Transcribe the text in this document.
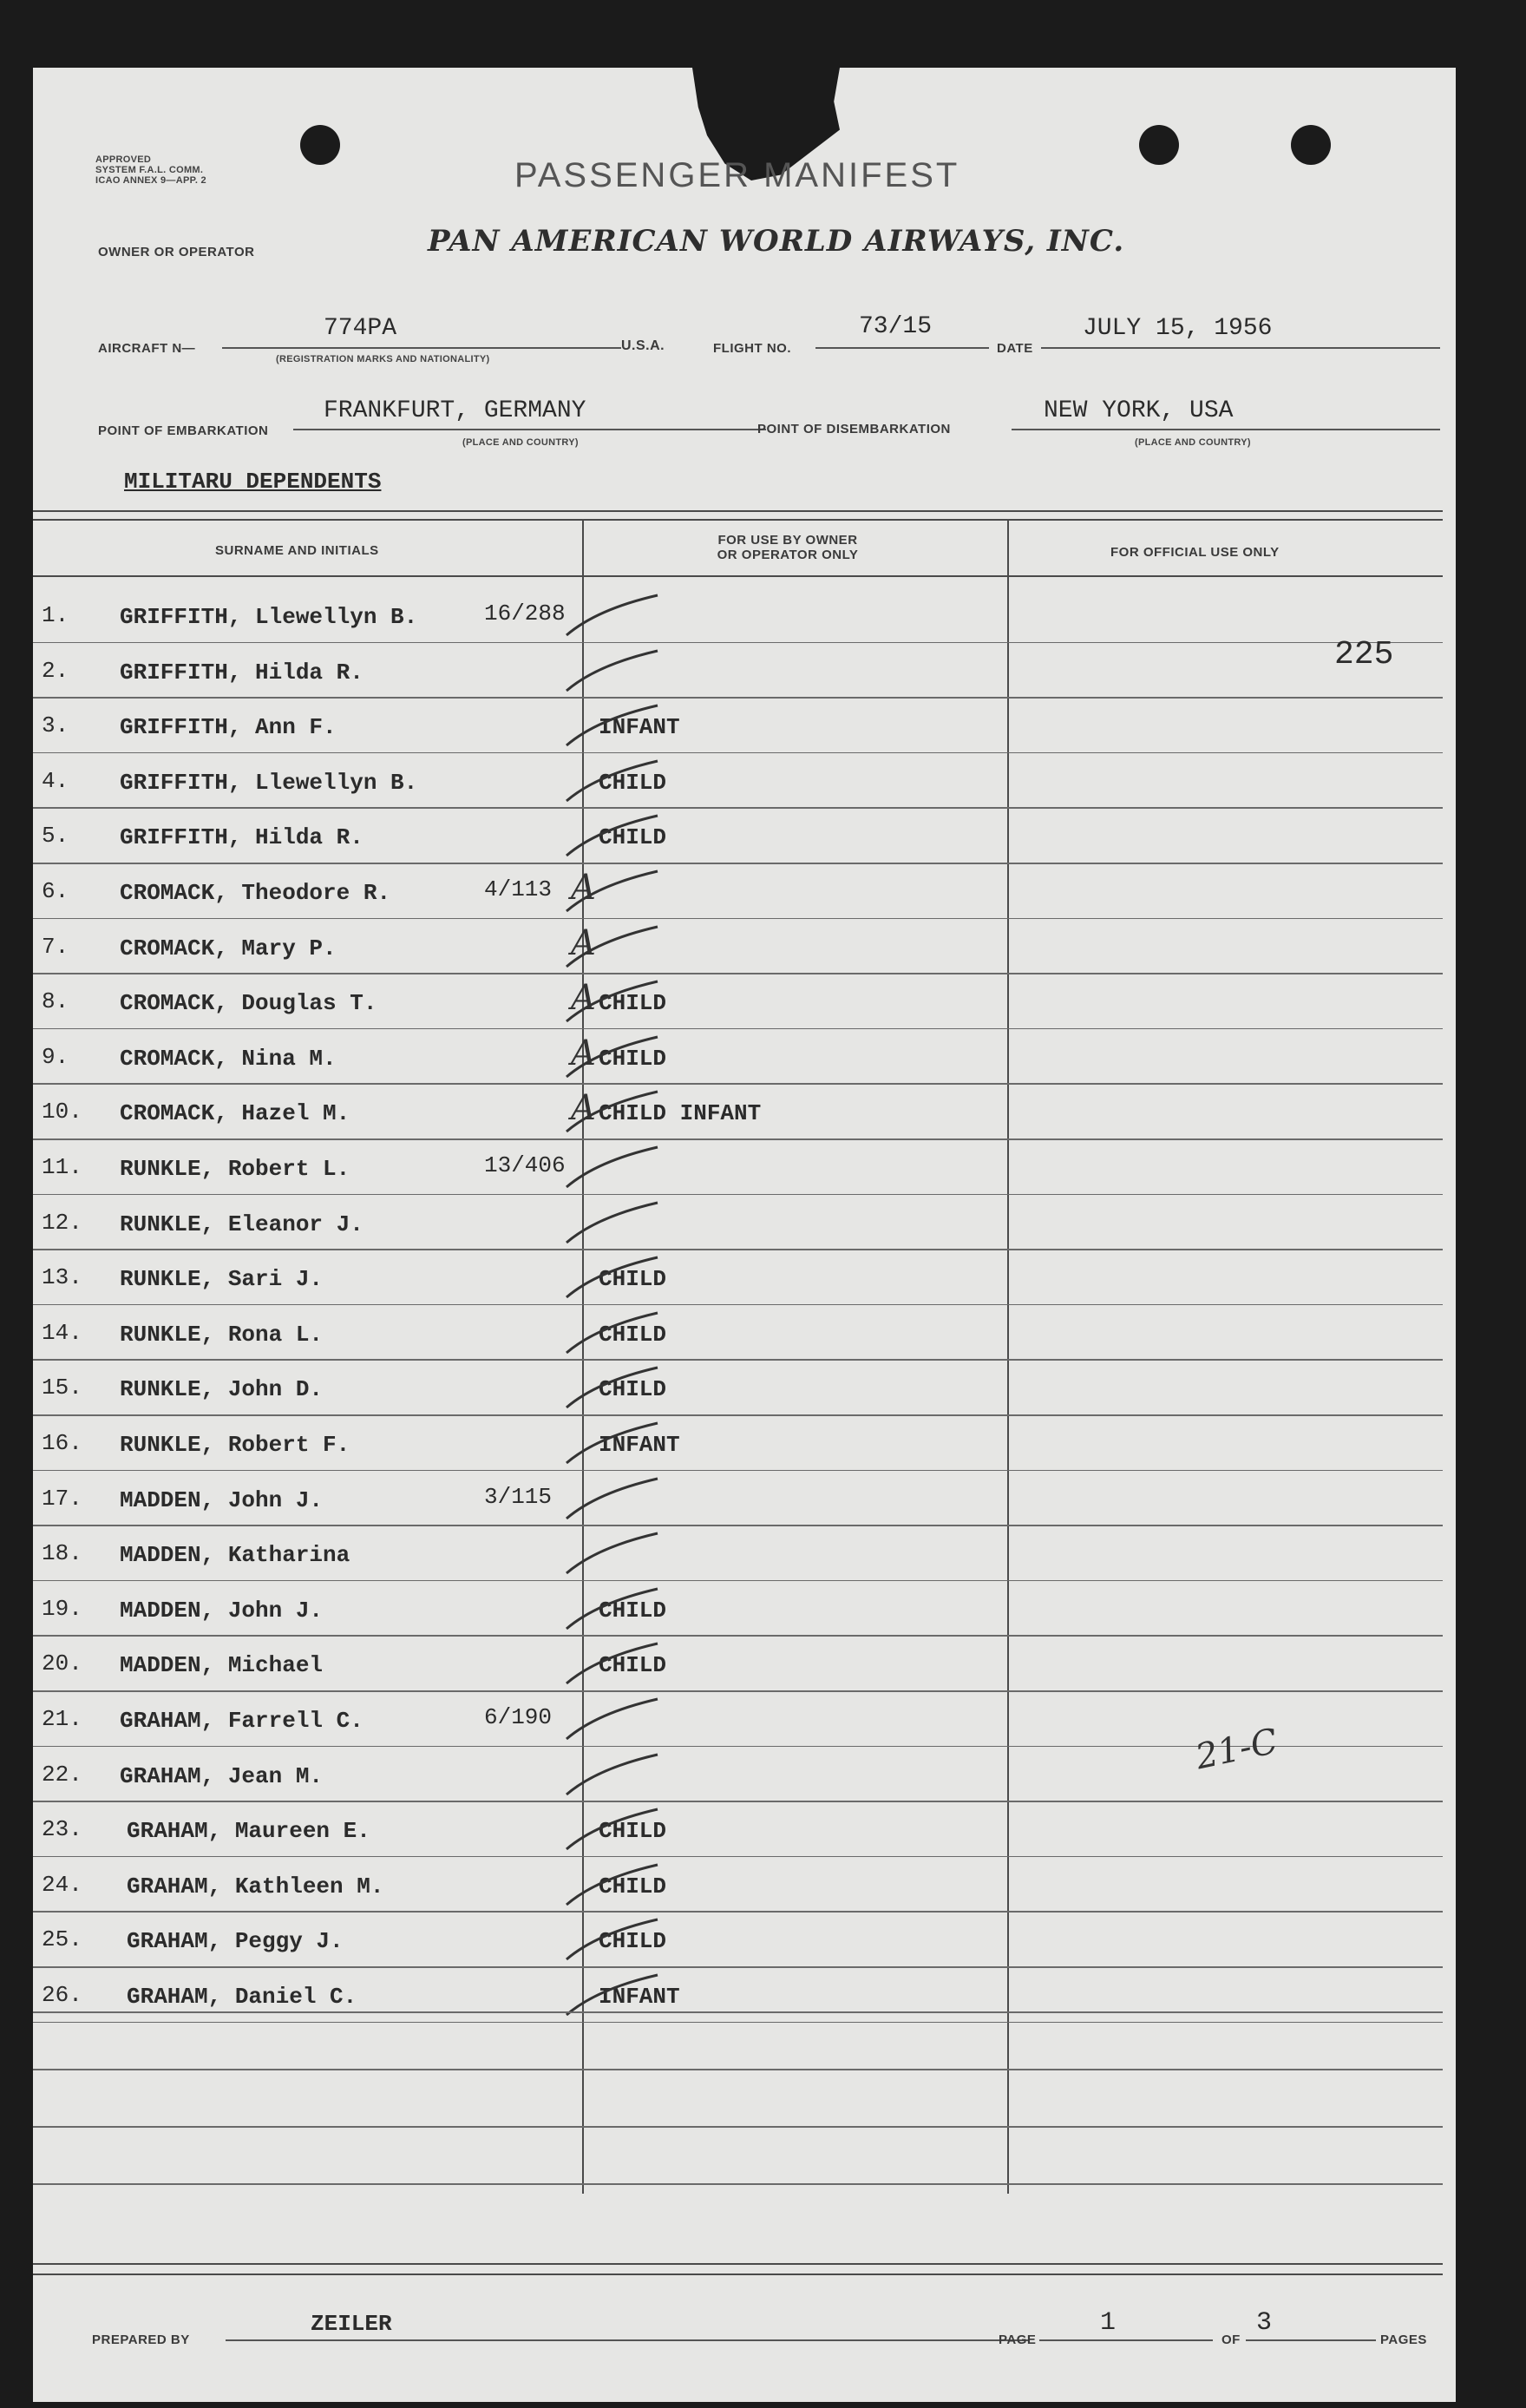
APPROVED
SYSTEM F.A.L. COMM.
ICAO ANNEX 9—APP. 2	PASSENGER MANIFEST
OWNER OR OPERATOR	PAN AMERICAN WORLD AIRWAYS, INC.
AIRCRAFT N—
774PA
(REGISTRATION MARKS AND NATIONALITY)
U.S.A.	FLIGHT NO.
73/15
DATE
JULY 15, 1956
POINT OF EMBARKATION
FRANKFURT, GERMANY
(PLACE AND COUNTRY)
POINT OF DISEMBARKATION
NEW YORK, USA
(PLACE AND COUNTRY)
MILITARU DEPENDENTS
SURNAME AND INITIALS
FOR USE BY OWNER
OR OPERATOR ONLY	FOR OFFICIAL USE ONLY
1. GRIFFITH, Llewellyn B.	16/288
2. GRIFFITH, Hilda R.
3. GRIFFITH, Ann F.	INFANT
4. GRIFFITH, Llewellyn B.	CHILD
5. GRIFFITH, Hilda R.	CHILD
6. CROMACK, Theodore R.	4/113 A
7. CROMACK, Mary P.	A
8. CROMACK, Douglas T.	A CHILD
9. CROMACK, Nina M.	A CHILD
10. CROMACK, Hazel M.	A CHILD INFANT
11. RUNKLE, Robert L.	13/406
12. RUNKLE, Eleanor J.
13. RUNKLE, Sari J.	CHILD
14. RUNKLE, Rona L.	CHILD
15. RUNKLE, John D.	CHILD
16. RUNKLE, Robert F.	INFANT
17. MADDEN, John J.	3/115
18. MADDEN, Katharina
19. MADDEN, John J.	CHILD
20. MADDEN, Michael	CHILD
21. GRAHAM, Farrell C.	6/190
22. GRAHAM, Jean M.
23. GRAHAM, Maureen E.	CHILD
24. GRAHAM, Kathleen M.	CHILD
25. GRAHAM, Peggy J.	CHILD
26. GRAHAM, Daniel C.	INFANT
225
21-C
PREPARED BY
ZEILER
PAGE
1
OF
3
PAGES
